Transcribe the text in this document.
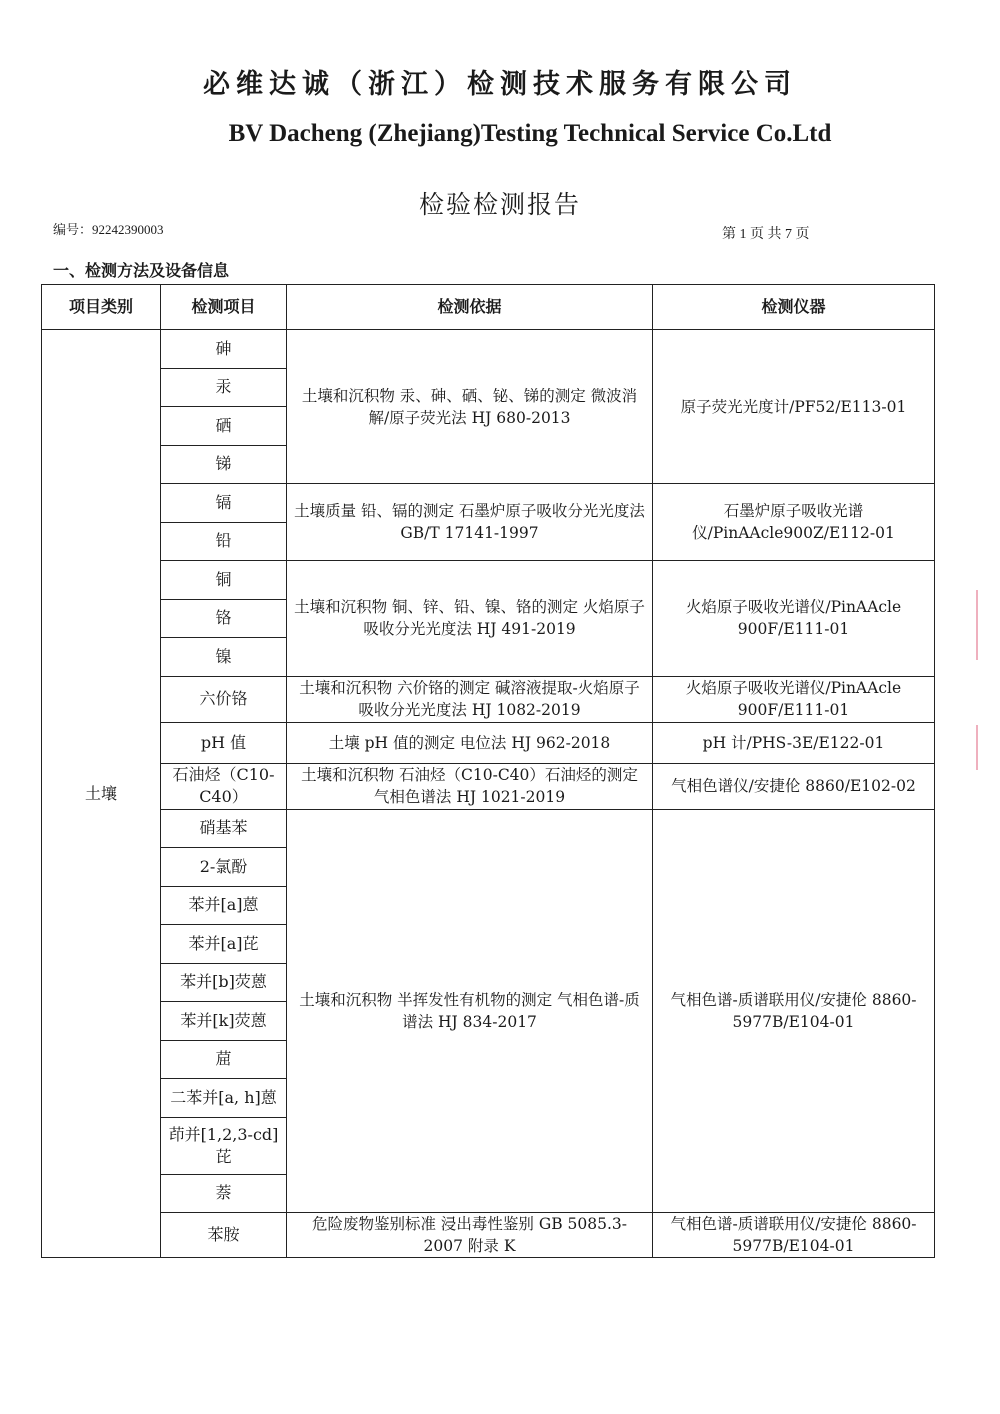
必维达诚（浙江）检测技术服务有限公司
BV Dacheng (Zhejiang)Testing Technical Service Co.Ltd
检验检测报告
编号：92242390003	第 1 页 共 7 页
一、检测方法及设备信息
项目类别	检测项目	检测依据	检测仪器
土壤	砷	土壤和沉积物 汞、砷、硒、铋、锑的测定 微波消解/原子荧光法 HJ 680-2013	原子荧光光度计/PF52/E113-01
	汞		
	硒		
	锑		
	镉	土壤质量 铅、镉的测定 石墨炉原子吸收分光光度法 GB/T 17141-1997	石墨炉原子吸收光谱仪/PinAAcle900Z/E112-01
	铅		
	铜	土壤和沉积物 铜、锌、铅、镍、铬的测定 火焰原子吸收分光光度法 HJ 491-2019	火焰原子吸收光谱仪/PinAAcle 900F/E111-01
	铬		
	镍		
	六价铬	土壤和沉积物 六价铬的测定 碱溶液提取-火焰原子吸收分光光度法 HJ 1082-2019	火焰原子吸收光谱仪/PinAAcle 900F/E111-01
	pH 值	土壤 pH 值的测定 电位法 HJ 962-2018	pH 计/PHS-3E/E122-01
	石油烃（C10-C40）	土壤和沉积物 石油烃（C10-C40）石油烃的测定 气相色谱法 HJ 1021-2019	气相色谱仪/安捷伦 8860/E102-02
	硝基苯	土壤和沉积物 半挥发性有机物的测定 气相色谱-质谱法 HJ 834-2017	气相色谱-质谱联用仪/安捷伦 8860-5977B/E104-01
	2-氯酚		
	苯并[a]蒽		
	苯并[a]芘		
	苯并[b]荧蒽		
	苯并[k]荧蒽		
	䓛		
	二苯并[a, h]蒽		
	茚并[1,2,3-cd]芘		
	萘		
	苯胺	危险废物鉴别标准 浸出毒性鉴别 GB 5085.3-2007 附录 K	气相色谱-质谱联用仪/安捷伦 8860-5977B/E104-01
